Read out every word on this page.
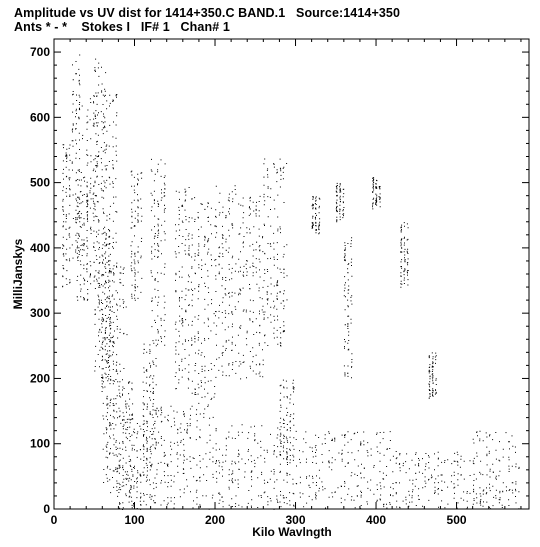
Amplitude vs UV dist for 1414+350.C BAND.1   Source:1414+350
Ants * - *    Stokes I   IF# 1   Chan# 1
0	100	200	300	400	500
0
100
200
300
400
500
600
700
Kilo Wavlngth
MilliJanskys
